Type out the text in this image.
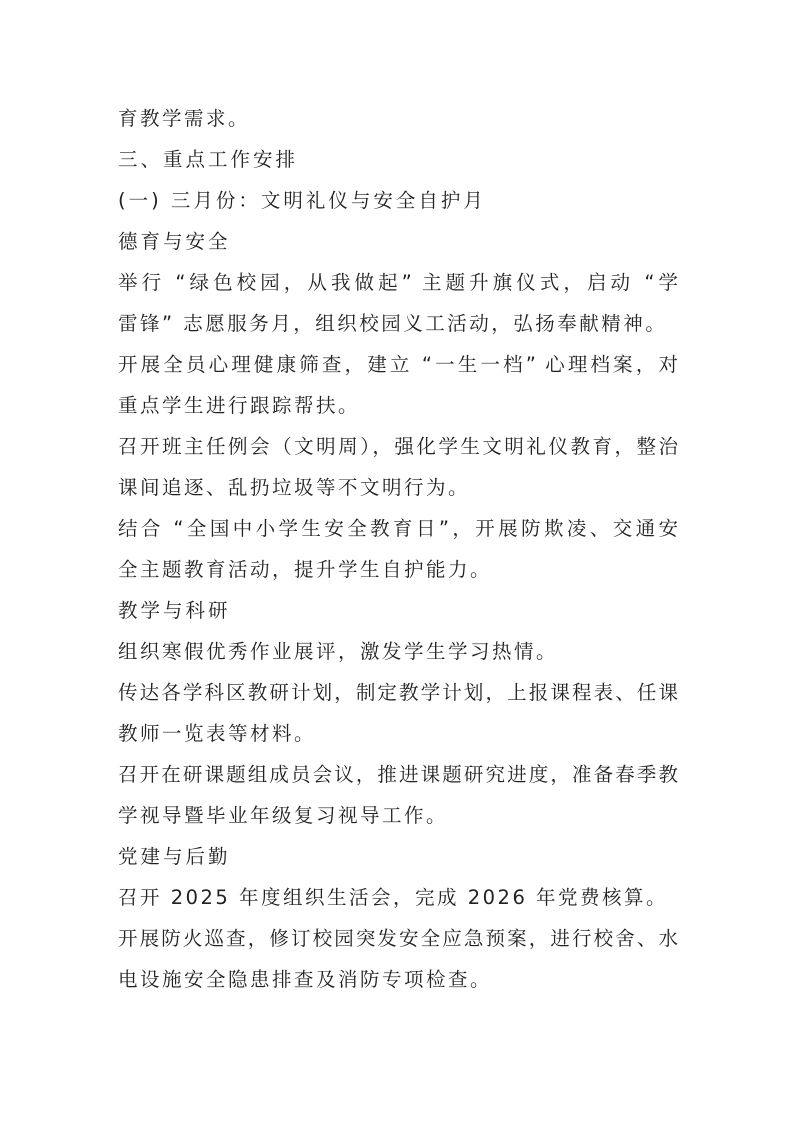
育教学需求。
三、重点工作安排
(一) 三月份：文明礼仪与安全自护月
德育与安全
举行 “绿色校园，从我做起” 主题升旗仪式，启动 “学
雷锋” 志愿服务月，组织校园义工活动，弘扬奉献精神。
开展全员心理健康筛查，建立 “一生一档” 心理档案，对
重点学生进行跟踪帮扶。
召开班主任例会（文明周），强化学生文明礼仪教育，整治
课间追逐、乱扔垃圾等不文明行为。
结合 “全国中小学生安全教育日”，开展防欺凌、交通安
全主题教育活动，提升学生自护能力。
教学与科研
组织寒假优秀作业展评，激发学生学习热情。
传达各学科区教研计划，制定教学计划，上报课程表、任课
教师一览表等材料。
召开在研课题组成员会议，推进课题研究进度，准备春季教
学视导暨毕业年级复习视导工作。
党建与后勤
召开 2025 年度组织生活会，完成 2026 年党费核算。
开展防火巡查，修订校园突发安全应急预案，进行校舍、水
电设施安全隐患排查及消防专项检查。
